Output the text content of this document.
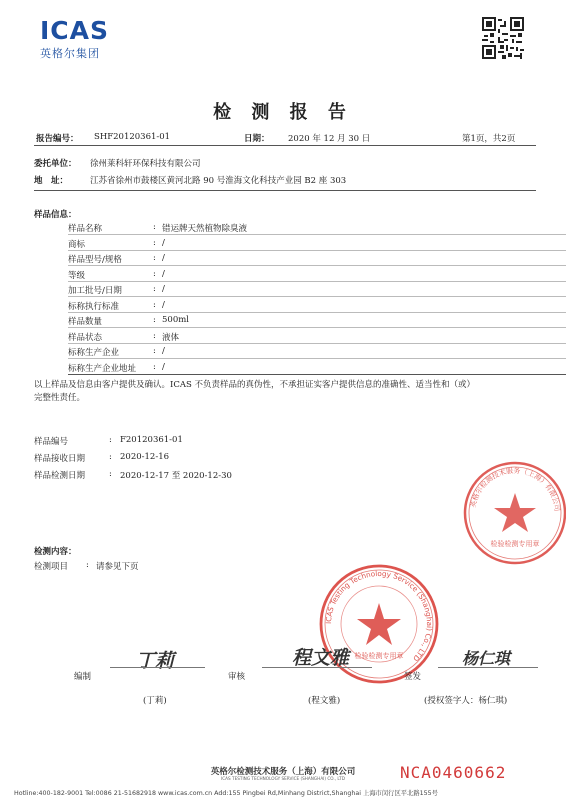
ICAS
英格尔集团
检 测 报 告
报告编号： SHF20120361-01	日期： 2020 年 12 月 30 日	第1页，共2页
委托单位： 徐州莱科轩环保科技有限公司
地　址：	江苏省徐州市鼓楼区黄河北路 90 号淮海文化科技产业园 B2 座 303
样品信息：
样品名称	: 错运牌天然植物除臭液
商标	: /
样品型号/规格	: /
等级	: /
加工批号/日期	: /
标称执行标准	: /
样品数量	: 500ml
样品状态	: 液体
标称生产企业	: /
标称生产企业地址 : /
以上样品及信息由客户提供及确认。ICAS 不负责样品的真伪性，不承担证实客户提供信息的准确性、适当性和（或）
完整性责任。
样品编号	: F20120361-01
样品接收日期	: 2020-12-16
样品检测日期	: 2020-12-17 至 2020-12-30
检测内容：
检测项目 : 请参见下页
英格尔检测技术服务（上海）有限公司
检验检测专用章
ICAS Testing Technology Service (Shanghai) Co., LTD
检验检测专用章
丁莉
编制
(丁莉)
程文雅
审核
(程文雅)
杨仁琪
签发
(授权签字人：杨仁琪)
英格尔检测技术服务（上海）有限公司
ICAS TESTING TECHNOLOGY SERVICE (SHANGHAI) CO., LTD
Hotline:400-182-9001 Tel:0086 21-51682918 www.icas.com.cn Add:155 Pingbei Rd,Minhang District,Shanghai 上海市闵行区平北路155号
NCA0460662
